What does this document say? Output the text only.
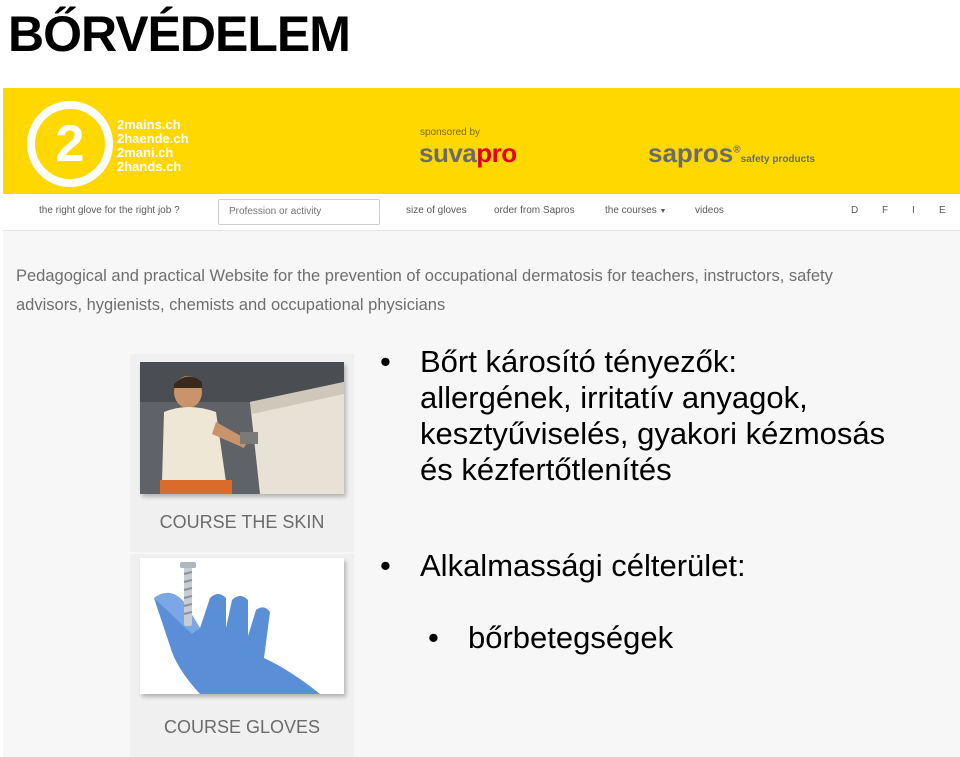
BŐRVÉDELEM
2	2mains.ch
2haende.ch
2mani.ch
2hands.ch
sponsored by
suvapro	sapros®safety products
the right glove for the right job ?
Profession or activity	size of gloves	order from Sapros	the courses ▼	videos	D F I E
Pedagogical and practical Website for the prevention of occupational dermatosis for teachers, instructors, safety
advisors, hygienists, chemists and occupational physicians
COURSE THE SKIN
COURSE GLOVES
• Bőrt károsító tényezők:
allergének, irritatív anyagok,
kesztyűviselés, gyakori kézmosás
és kézfertőtlenítés
• Alkalmassági célterület:
• bőrbetegségek
